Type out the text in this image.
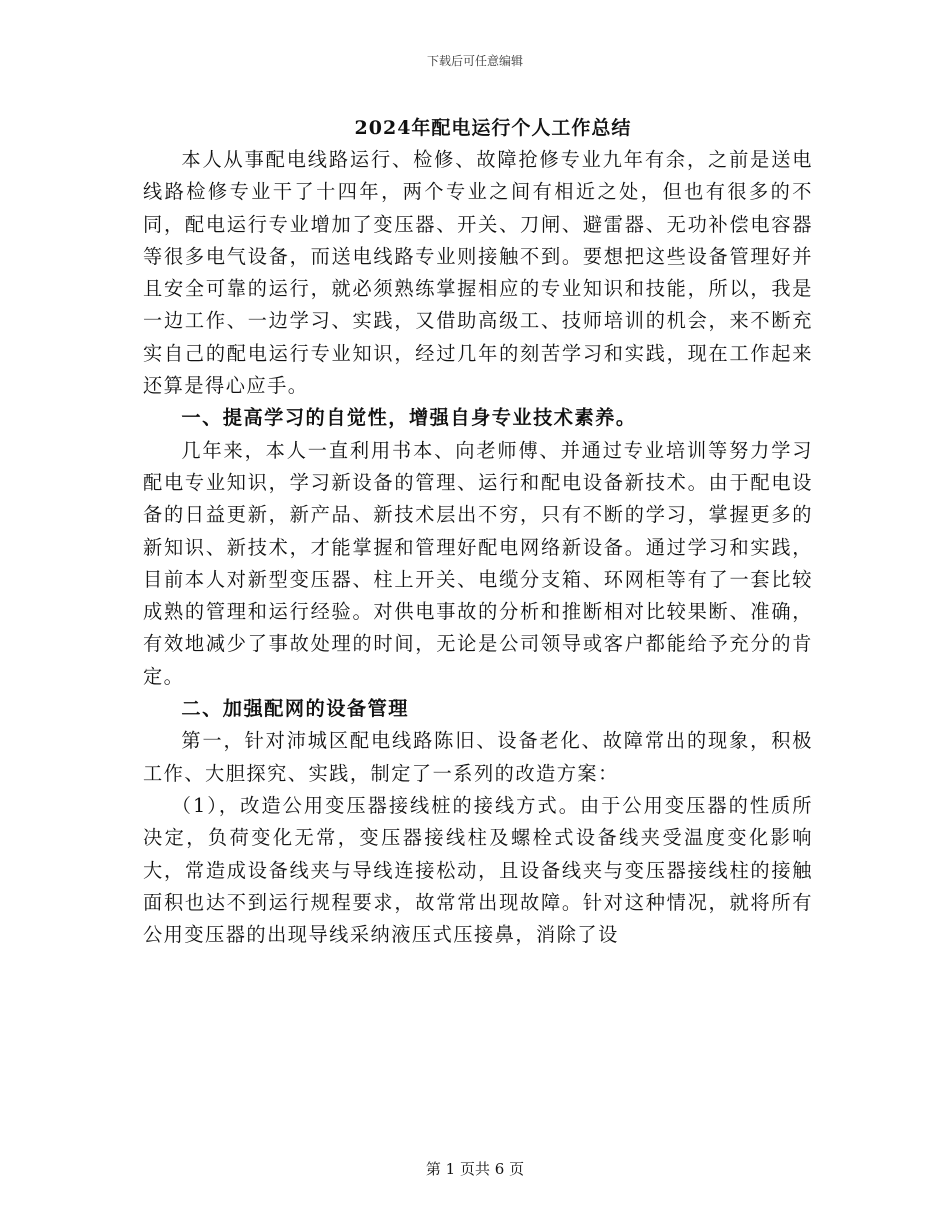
下载后可任意编辑
2024年配电运行个人工作总结

本人从事配电线路运行、检修、故障抢修专业九年有余，之前是送电线路检修专业干了十四年，两个专业之间有相近之处，但也有很多的不同，配电运行专业增加了变压器、开关、刀闸、避雷器、无功补偿电容器等很多电气设备，而送电线路专业则接触不到。要想把这些设备管理好并且安全可靠的运行，就必须熟练掌握相应的专业知识和技能，所以，我是一边工作、一边学习、实践，又借助高级工、技师培训的机会，来不断充实自己的配电运行专业知识，经过几年的刻苦学习和实践，现在工作起来还算是得心应手。

一、提高学习的自觉性，增强自身专业技术素养。

几年来，本人一直利用书本、向老师傅、并通过专业培训等努力学习配电专业知识，学习新设备的管理、运行和配电设备新技术。由于配电设备的日益更新，新产品、新技术层出不穷，只有不断的学习，掌握更多的新知识、新技术，才能掌握和管理好配电网络新设备。通过学习和实践，目前本人对新型变压器、柱上开关、电缆分支箱、环网柜等有了一套比较成熟的管理和运行经验。对供电事故的分析和推断相对比较果断、准确，有效地减少了事故处理的时间，无论是公司领导或客户都能给予充分的肯定。

二、加强配网的设备管理

第一，针对沛城区配电线路陈旧、设备老化、故障常出的现象，积极工作、大胆探究、实践，制定了一系列的改造方案：

（1），改造公用变压器接线桩的接线方式。由于公用变压器的性质所决定，负荷变化无常，变压器接线柱及螺栓式设备线夹受温度变化影响大，常造成设备线夹与导线连接松动，且设备线夹与变压器接线柱的接触面积也达不到运行规程要求，故常常出现故障。针对这种情况，就将所有公用变压器的出现导线采纳液压式压接鼻，消除了设

第 1 页共 6 页
